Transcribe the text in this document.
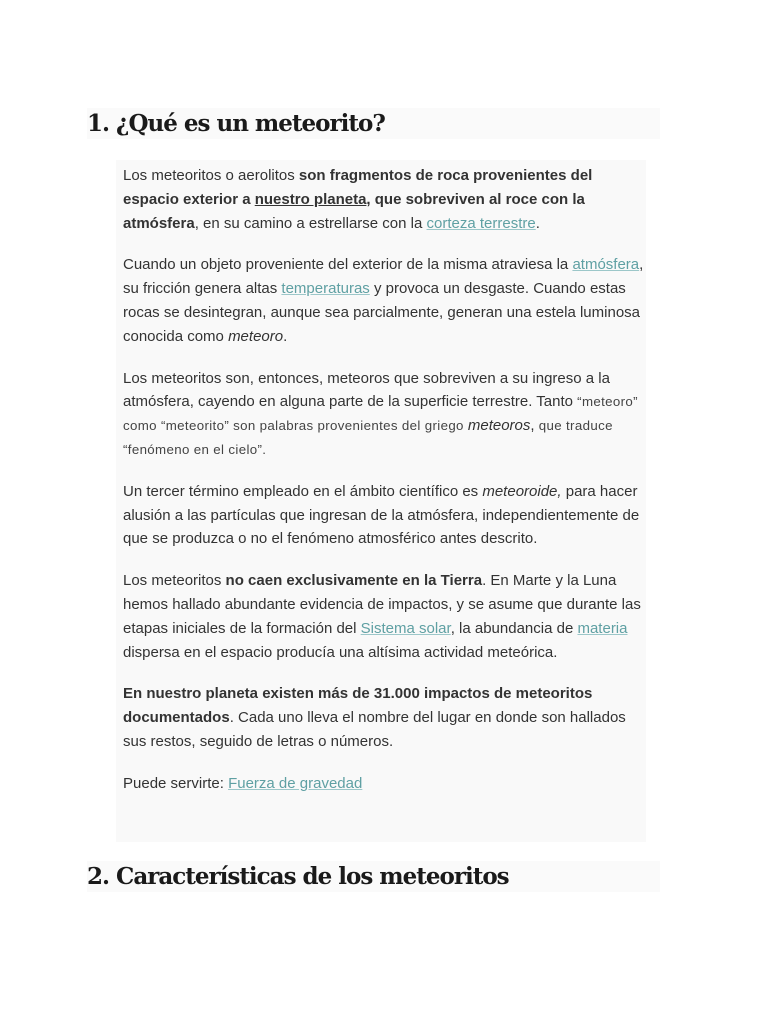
1. ¿Qué es un meteorito?

Los meteoritos o aerolitos son fragmentos de roca provenientes del espacio exterior a nuestro planeta, que sobreviven al roce con la atmósfera, en su camino a estrellarse con la corteza terrestre.

Cuando un objeto proveniente del exterior de la misma atraviesa la atmósfera, su fricción genera altas temperaturas y provoca un desgaste. Cuando estas rocas se desintegran, aunque sea parcialmente, generan una estela luminosa conocida como meteoro.

Los meteoritos son, entonces, meteoros que sobreviven a su ingreso a la atmósfera, cayendo en alguna parte de la superficie terrestre. Tanto “meteoro” como “meteorito” son palabras provenientes del griego meteoros, que traduce “fenómeno en el cielo”.

Un tercer término empleado en el ámbito científico es meteoroide, para hacer alusión a las partículas que ingresan de la atmósfera, independientemente de que se produzca o no el fenómeno atmosférico antes descrito.

Los meteoritos no caen exclusivamente en la Tierra. En Marte y la Luna hemos hallado abundante evidencia de impactos, y se asume que durante las etapas iniciales de la formación del Sistema solar, la abundancia de materia dispersa en el espacio producía una altísima actividad meteórica.

En nuestro planeta existen más de 31.000 impactos de meteoritos documentados. Cada uno lleva el nombre del lugar en donde son hallados sus restos, seguido de letras o números.

Puede servirte: Fuerza de gravedad

2. Características de los meteoritos
